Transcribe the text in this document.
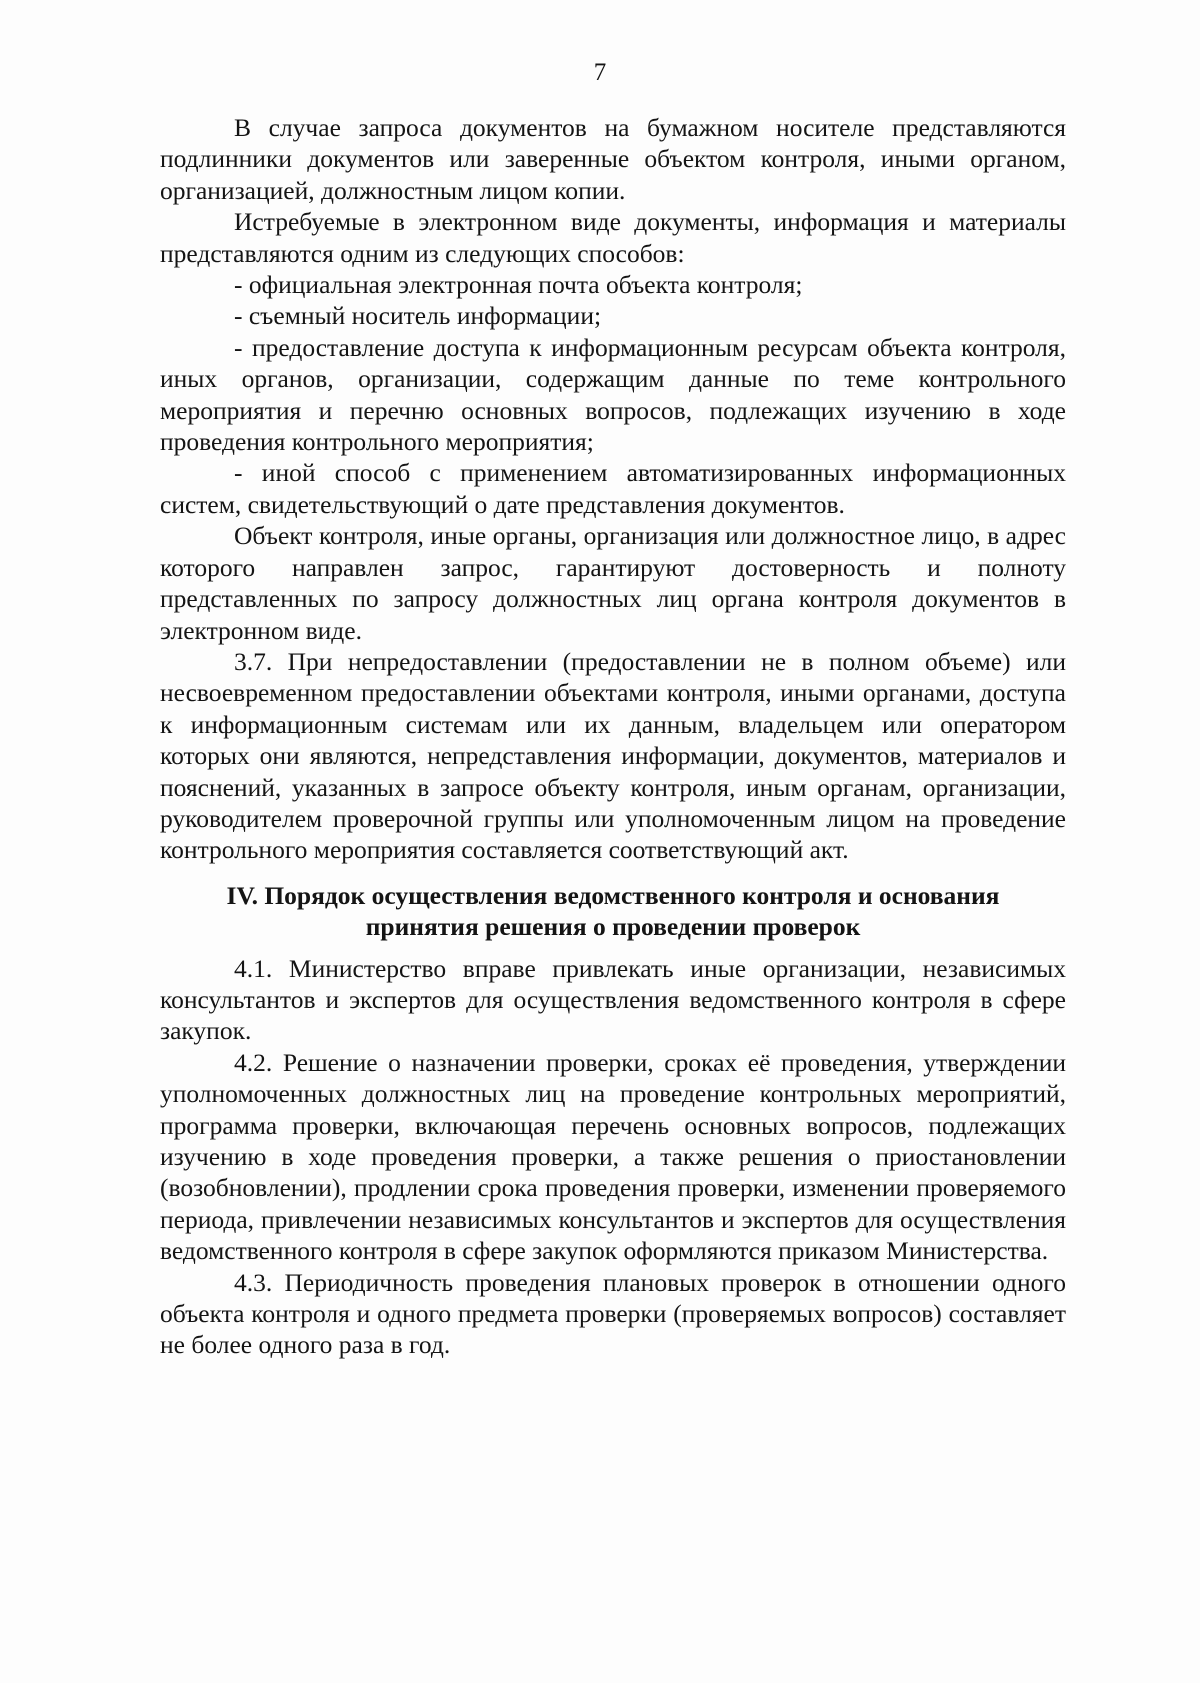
7

В случае запроса документов на бумажном носителе представляются подлинники документов или заверенные объектом контроля, иными органом, организацией, должностным лицом копии.

Истребуемые в электронном виде документы, информация и материалы представляются одним из следующих способов:

- официальная электронная почта объекта контроля;

- съемный носитель информации;

- предоставление доступа к информационным ресурсам объекта контроля, иных органов, организации, содержащим данные по теме контрольного мероприятия и перечню основных вопросов, подлежащих изучению в ходе проведения контрольного мероприятия;

- иной способ с применением автоматизированных информационных систем, свидетельствующий о дате представления документов.

Объект контроля, иные органы, организация или должностное лицо, в адрес которого направлен запрос, гарантируют достоверность и полноту представленных по запросу должностных лиц органа контроля документов в электронном виде.

3.7. При непредоставлении (предоставлении не в полном объеме) или несвоевременном предоставлении объектами контроля, иными органами, доступа к информационным системам или их данным, владельцем или оператором которых они являются, непредставления информации, документов, материалов и пояснений, указанных в запросе объекту контроля, иным органам, организации, руководителем проверочной группы или уполномоченным лицом на проведение контрольного мероприятия составляется соответствующий акт.

IV. Порядок осуществления ведомственного контроля и основания принятия решения о проведении проверок

4.1. Министерство вправе привлекать иные организации, независимых консультантов и экспертов для осуществления ведомственного контроля в сфере закупок.

4.2. Решение о назначении проверки, сроках её проведения, утверждении уполномоченных должностных лиц на проведение контрольных мероприятий, программа проверки, включающая перечень основных вопросов, подлежащих изучению в ходе проведения проверки, а также решения о приостановлении (возобновлении), продлении срока проведения проверки, изменении проверяемого периода, привлечении независимых консультантов и экспертов для осуществления ведомственного контроля в сфере закупок оформляются приказом Министерства.

4.3. Периодичность проведения плановых проверок в отношении одного объекта контроля и одного предмета проверки (проверяемых вопросов) составляет не более одного раза в год.
